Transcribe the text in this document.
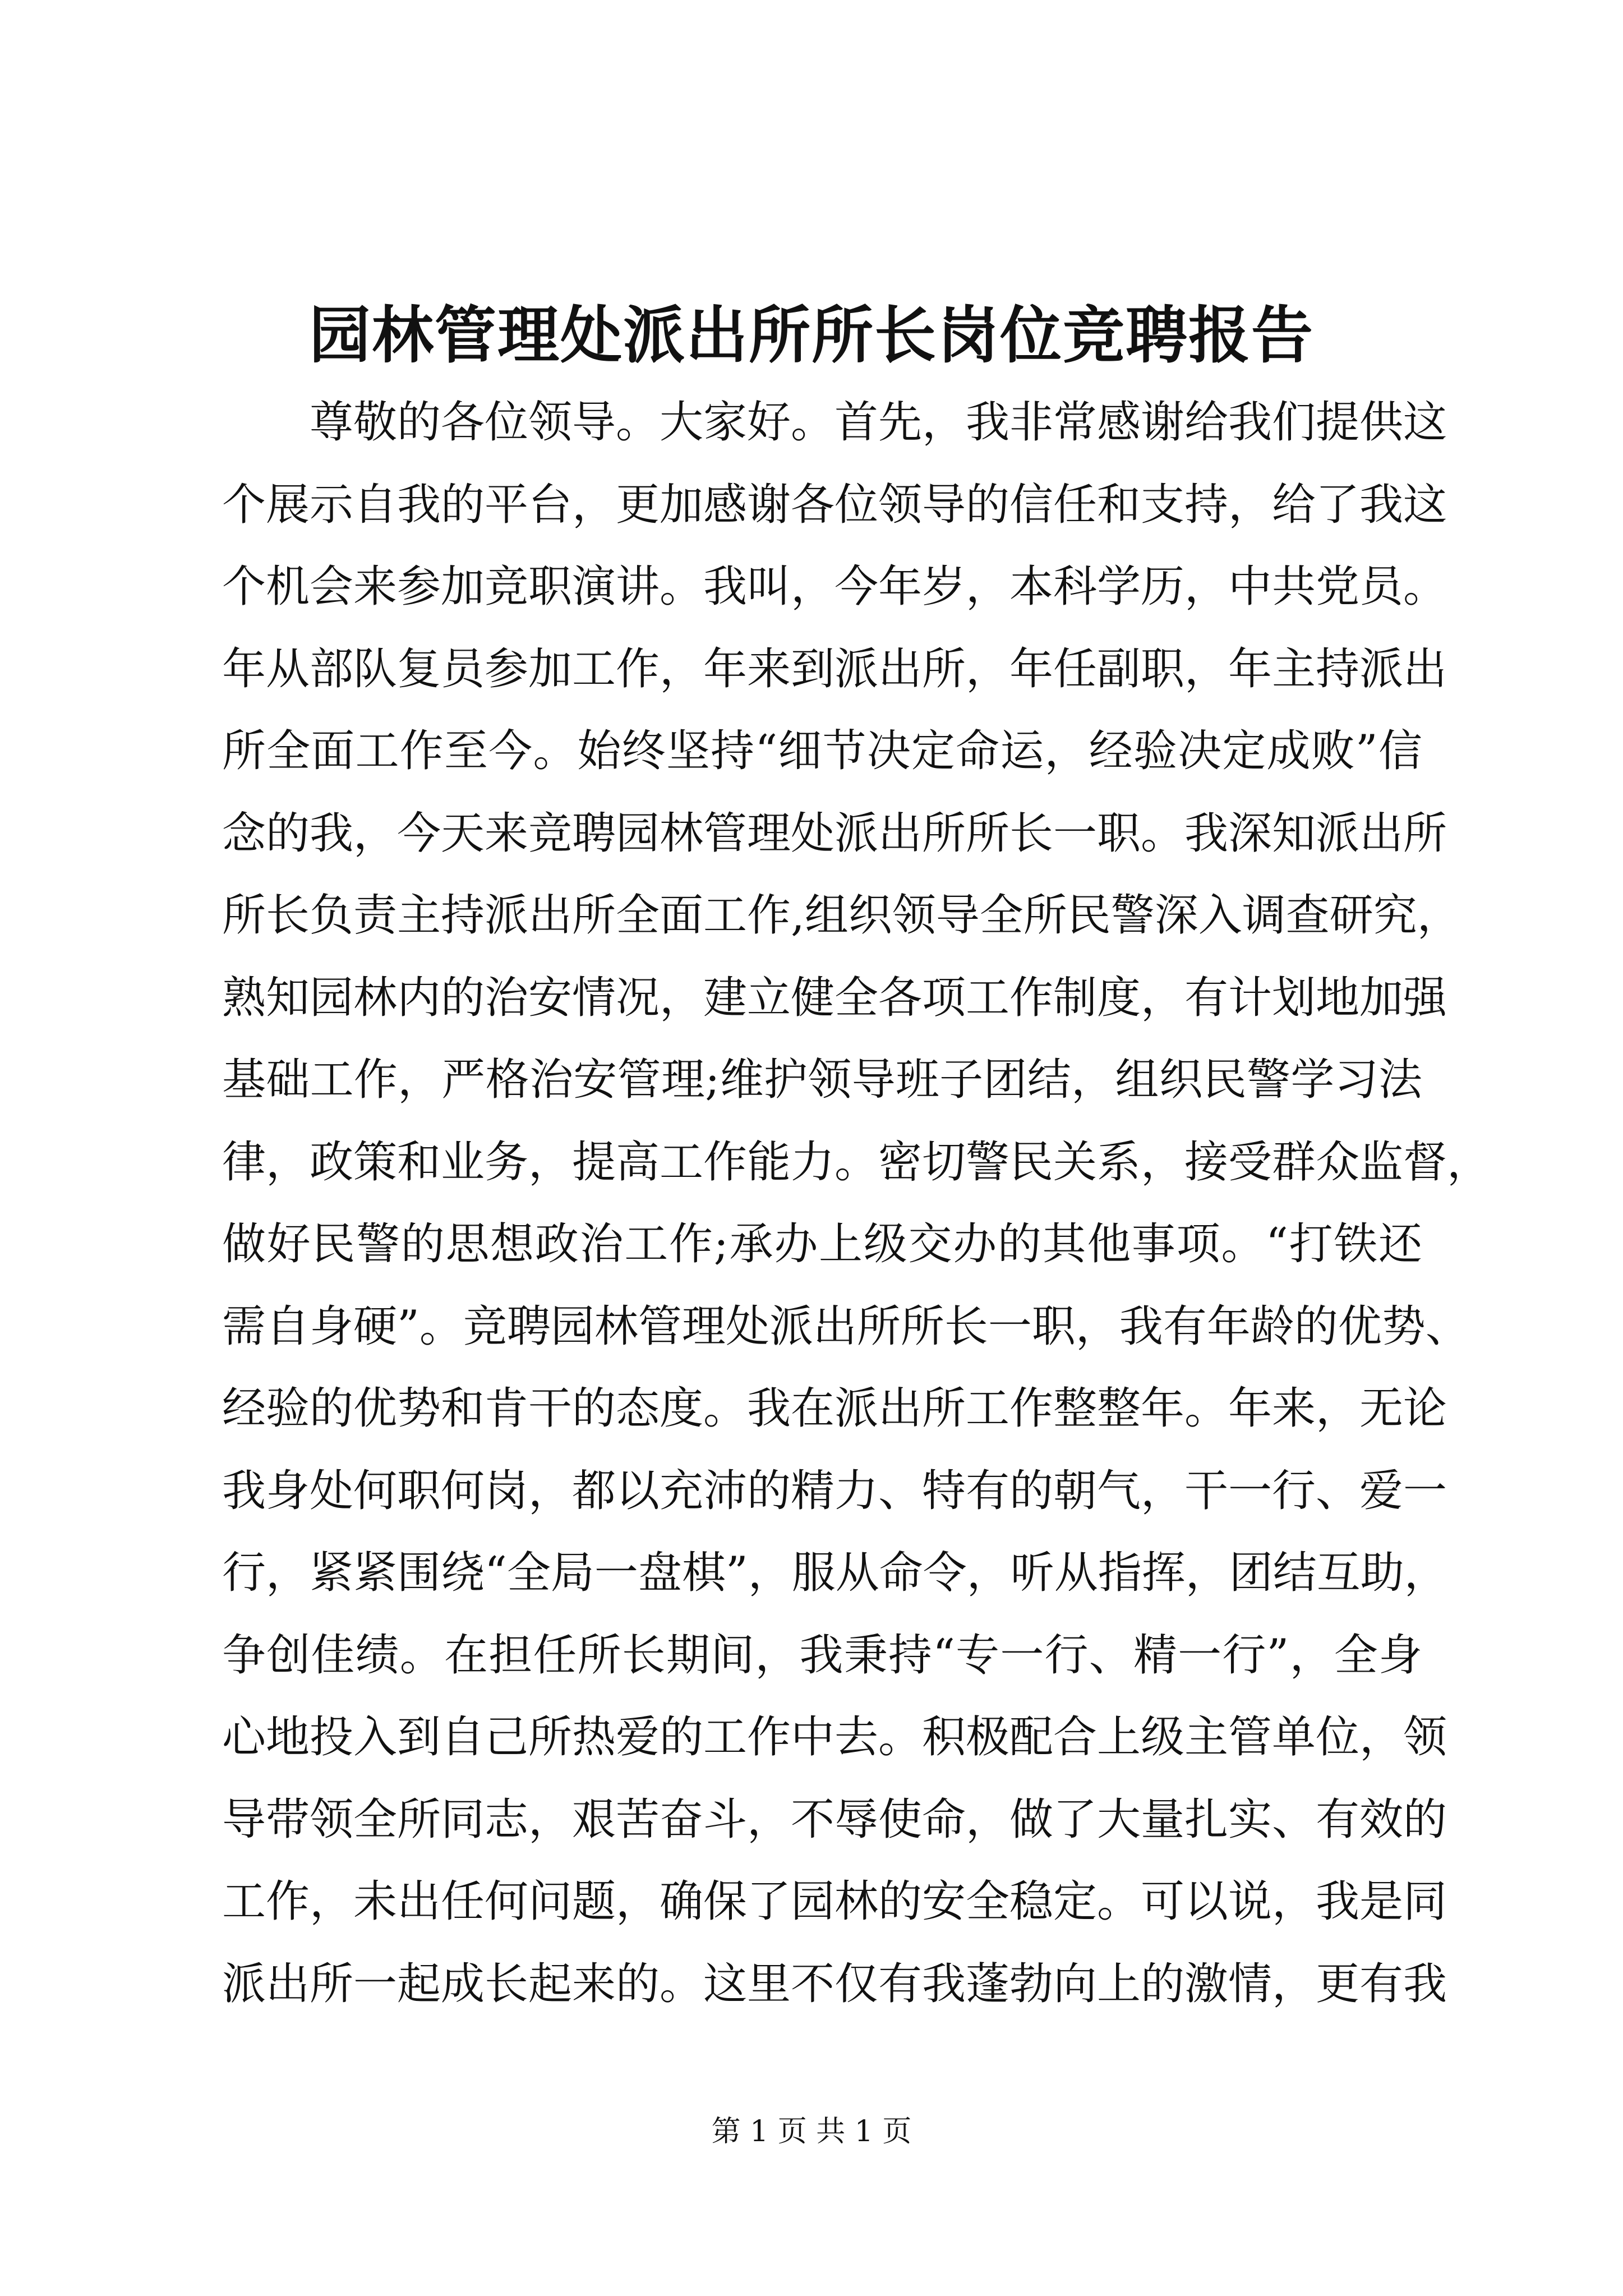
园林管理处派出所所长岗位竞聘报告
尊敬的各位领导。大家好。首先，我非常感谢给我们提供这
个展示自我的平台，更加感谢各位领导的信任和支持，给了我这
个机会来参加竞职演讲。我叫，今年岁，本科学历，中共党员。
年从部队复员参加工作，年来到派出所，年任副职，年主持派出
所全面工作至今。始终坚持“细节决定命运，经验决定成败”信
念的我，今天来竞聘园林管理处派出所所长一职。我深知派出所
所长负责主持派出所全面工作,组织领导全所民警深入调查研究，
熟知园林内的治安情况，建立健全各项工作制度，有计划地加强
基础工作，严格治安管理;维护领导班子团结，组织民警学习法
律，政策和业务，提高工作能力。密切警民关系，接受群众监督，
做好民警的思想政治工作;承办上级交办的其他事项。“打铁还
需自身硬”。竞聘园林管理处派出所所长一职，我有年龄的优势、
经验的优势和肯干的态度。我在派出所工作整整年。年来，无论
我身处何职何岗，都以充沛的精力、特有的朝气，干一行、爱一
行，紧紧围绕“全局一盘棋”，服从命令，听从指挥，团结互助，
争创佳绩。在担任所长期间，我秉持“专一行、精一行”，全身
心地投入到自己所热爱的工作中去。积极配合上级主管单位，领
导带领全所同志，艰苦奋斗，不辱使命，做了大量扎实、有效的
工作，未出任何问题，确保了园林的安全稳定。可以说，我是同
派出所一起成长起来的。这里不仅有我蓬勃向上的激情，更有我
第 1 页 共 1 页
